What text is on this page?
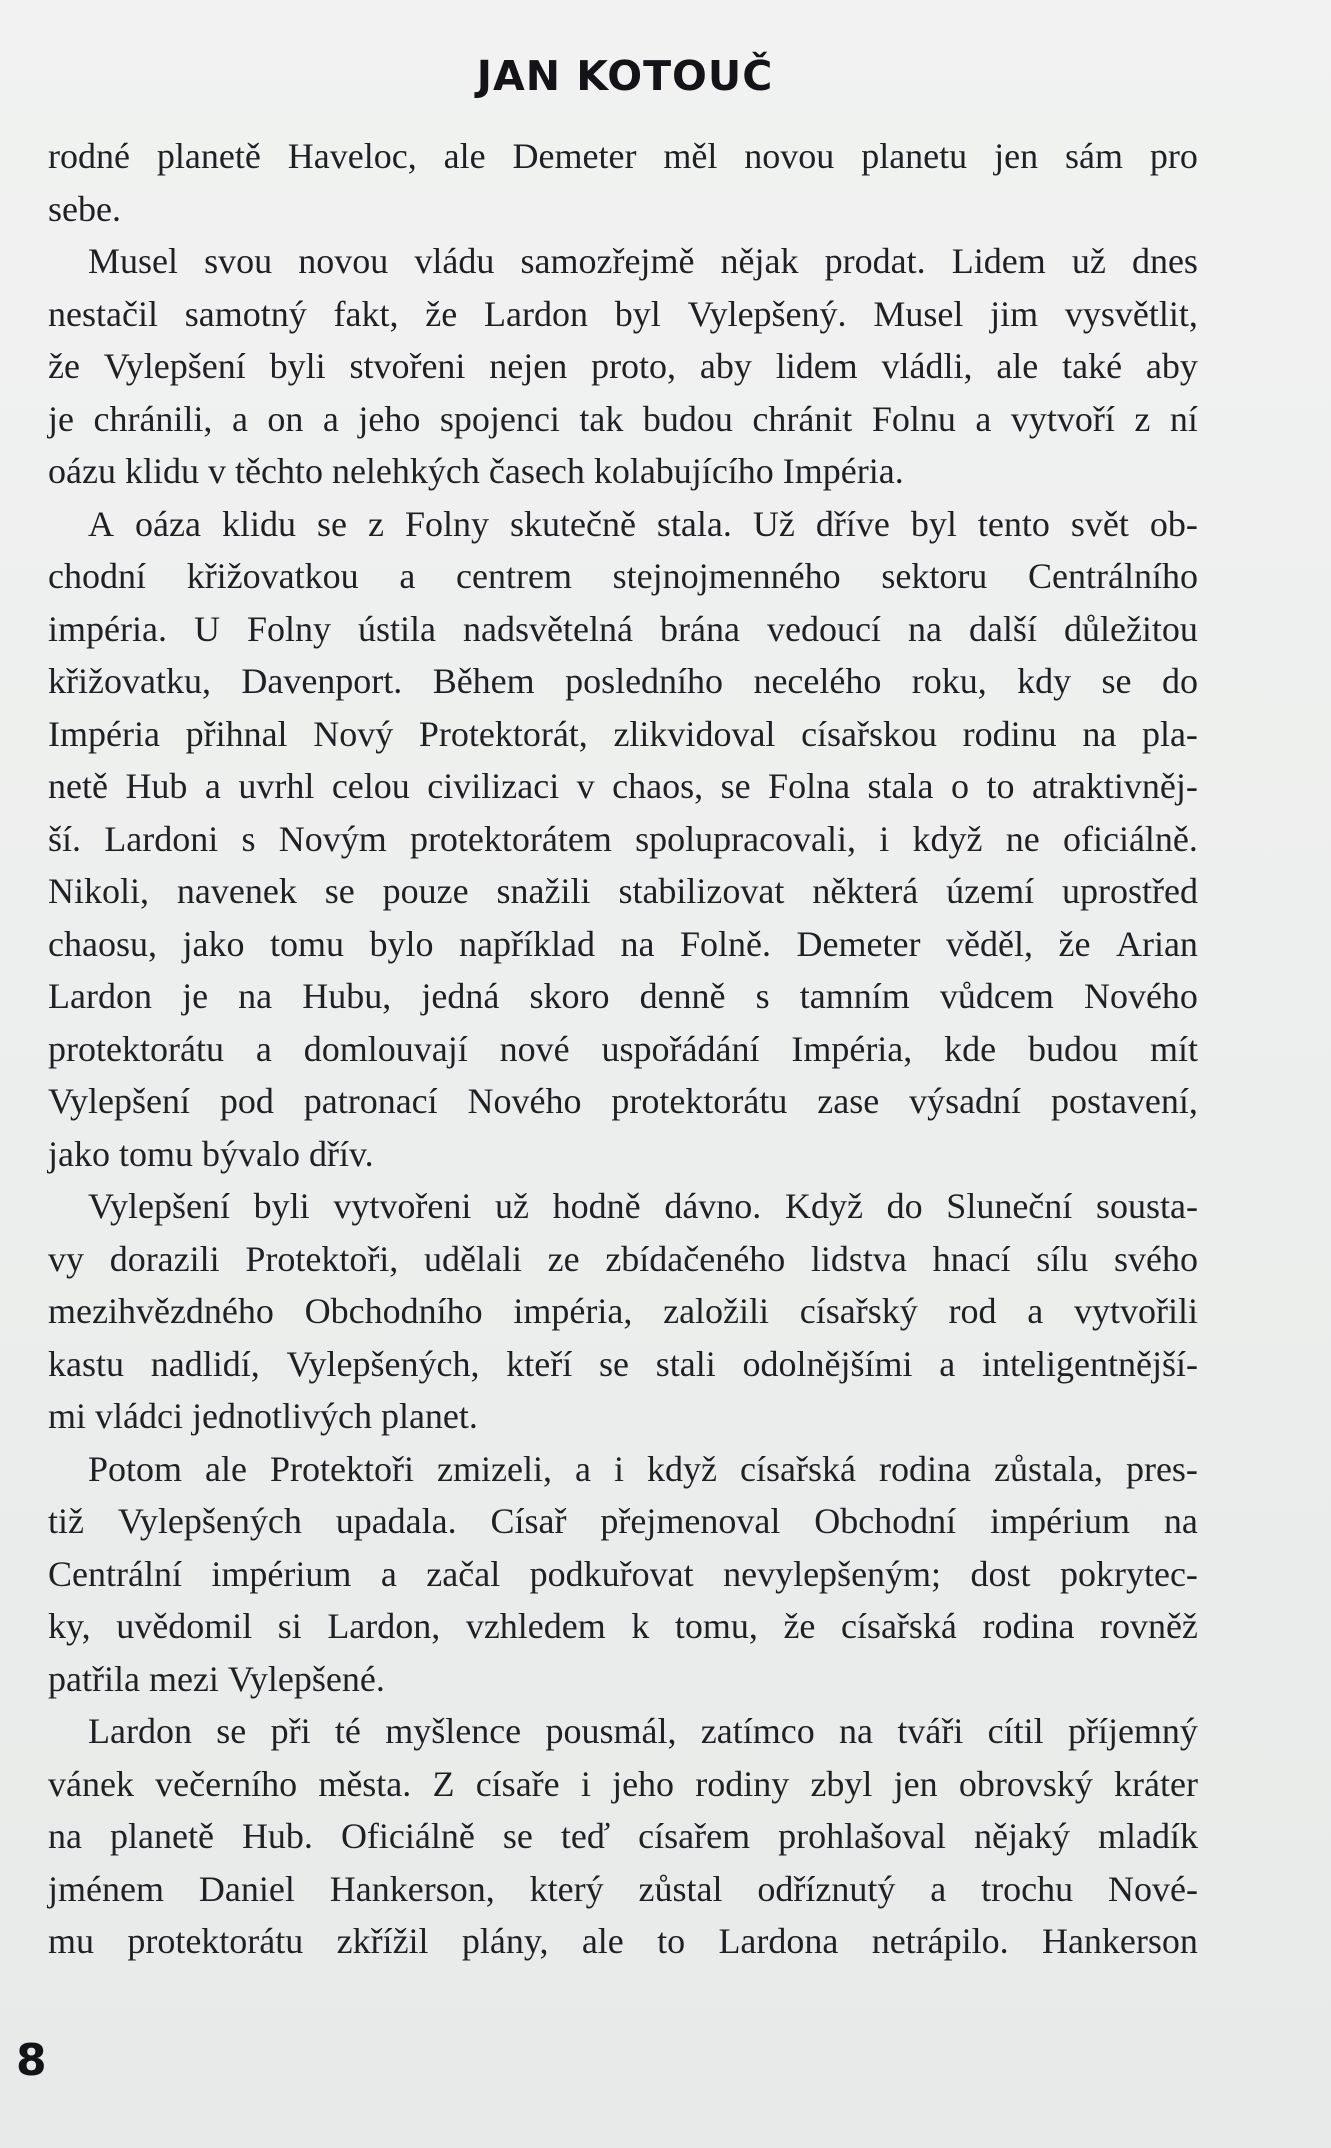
JAN KOTOUČ
rodné planetě Haveloc, ale Demeter měl novou planetu jen sám pro
sebe.
Musel svou novou vládu samozřejmě nějak prodat. Lidem už dnes
nestačil samotný fakt, že Lardon byl Vylepšený. Musel jim vysvětlit,
že Vylepšení byli stvořeni nejen proto, aby lidem vládli, ale také aby
je chránili, a on a jeho spojenci tak budou chránit Folnu a vytvoří z ní
oázu klidu v těchto nelehkých časech kolabujícího Impéria.
A oáza klidu se z Folny skutečně stala. Už dříve byl tento svět ob-
chodní křižovatkou a centrem stejnojmenného sektoru Centrálního
impéria. U Folny ústila nadsvětelná brána vedoucí na další důležitou
křižovatku, Davenport. Během posledního necelého roku, kdy se do
Impéria přihnal Nový Protektorát, zlikvidoval císařskou rodinu na pla-
netě Hub a uvrhl celou civilizaci v chaos, se Folna stala o to atraktivněj-
ší. Lardoni s Novým protektorátem spolupracovali, i když ne oficiálně.
Nikoli, navenek se pouze snažili stabilizovat některá území uprostřed
chaosu, jako tomu bylo například na Folně. Demeter věděl, že Arian
Lardon je na Hubu, jedná skoro denně s tamním vůdcem Nového
protektorátu a domlouvají nové uspořádání Impéria, kde budou mít
Vylepšení pod patronací Nového protektorátu zase výsadní postavení,
jako tomu bývalo dřív.
Vylepšení byli vytvořeni už hodně dávno. Když do Sluneční sousta-
vy dorazili Protektoři, udělali ze zbídačeného lidstva hnací sílu svého
mezihvězdného Obchodního impéria, založili císařský rod a vytvořili
kastu nadlidí, Vylepšených, kteří se stali odolnějšími a inteligentnější-
mi vládci jednotlivých planet.
Potom ale Protektoři zmizeli, a i když císařská rodina zůstala, pres-
tiž Vylepšených upadala. Císař přejmenoval Obchodní impérium na
Centrální impérium a začal podkuřovat nevylepšeným; dost pokrytec-
ky, uvědomil si Lardon, vzhledem k tomu, že císařská rodina rovněž
patřila mezi Vylepšené.
Lardon se při té myšlence pousmál, zatímco na tváři cítil příjemný
vánek večerního města. Z císaře i jeho rodiny zbyl jen obrovský kráter
na planetě Hub. Oficiálně se teď císařem prohlašoval nějaký mladík
jménem Daniel Hankerson, který zůstal odříznutý a trochu Nové-
mu protektorátu zkřížil plány, ale to Lardona netrápilo. Hankerson
8
